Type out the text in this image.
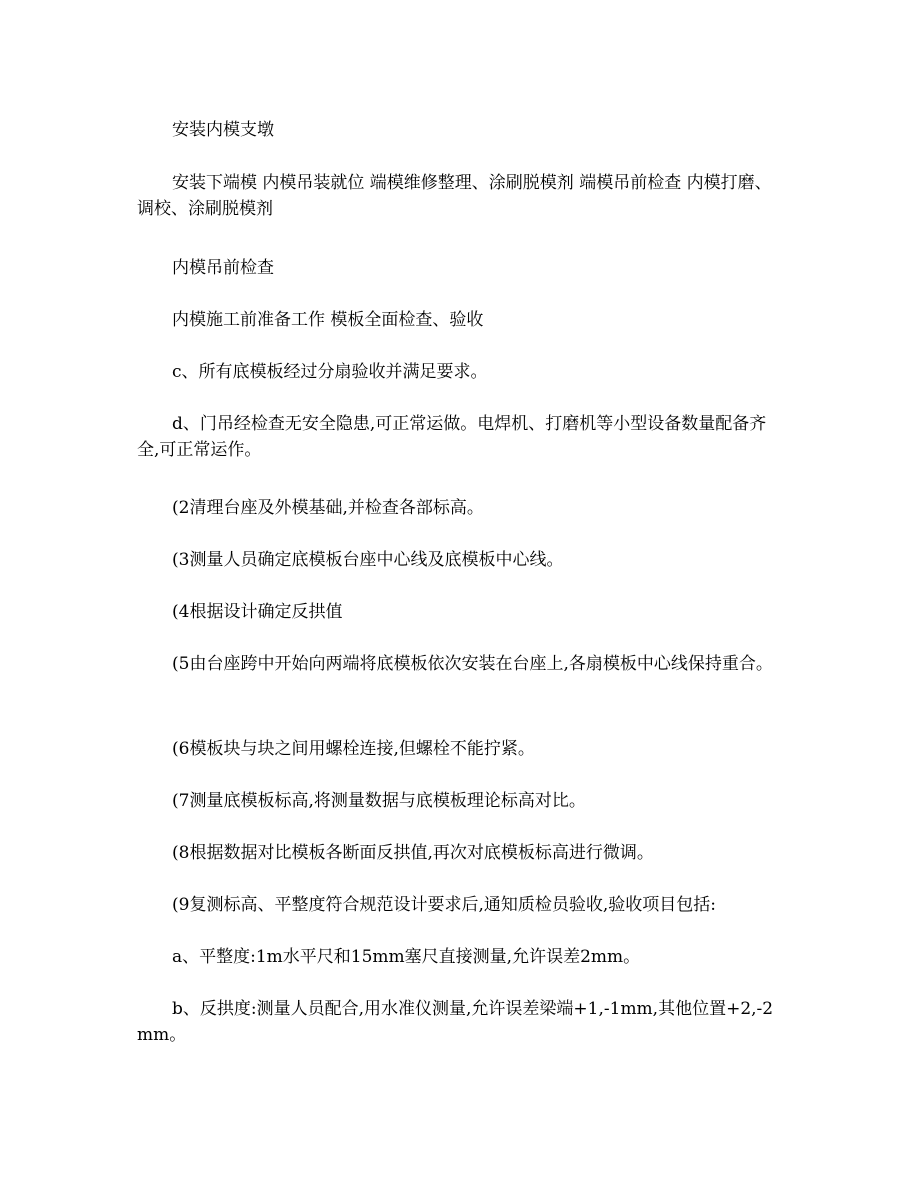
安装内模支墩
安装下端模 内模吊装就位 端模维修整理、涂刷脱模剂 端模吊前检查 内模打磨、调校、涂刷脱模剂
内模吊前检查
内模施工前准备工作 模板全面检查、验收
c、所有底模板经过分扇验收并满足要求。
d、门吊经检查无安全隐患,可正常运做。电焊机、打磨机等小型设备数量配备齐全,可正常运作。
(2清理台座及外模基础,并检查各部标高。
(3测量人员确定底模板台座中心线及底模板中心线。
(4根据设计确定反拱值
(5由台座跨中开始向两端将底模板依次安装在台座上,各扇模板中心线保持重合。
(6模板块与块之间用螺栓连接,但螺栓不能拧紧。
(7测量底模板标高,将测量数据与底模板理论标高对比。
(8根据数据对比模板各断面反拱值,再次对底模板标高进行微调。
(9复测标高、平整度符合规范设计要求后,通知质检员验收,验收项目包括:
a、平整度:1m水平尺和15mm塞尺直接测量,允许误差2mm。
b、反拱度:测量人员配合,用水准仪测量,允许误差梁端+1,-1mm,其他位置+2,-2mm。
